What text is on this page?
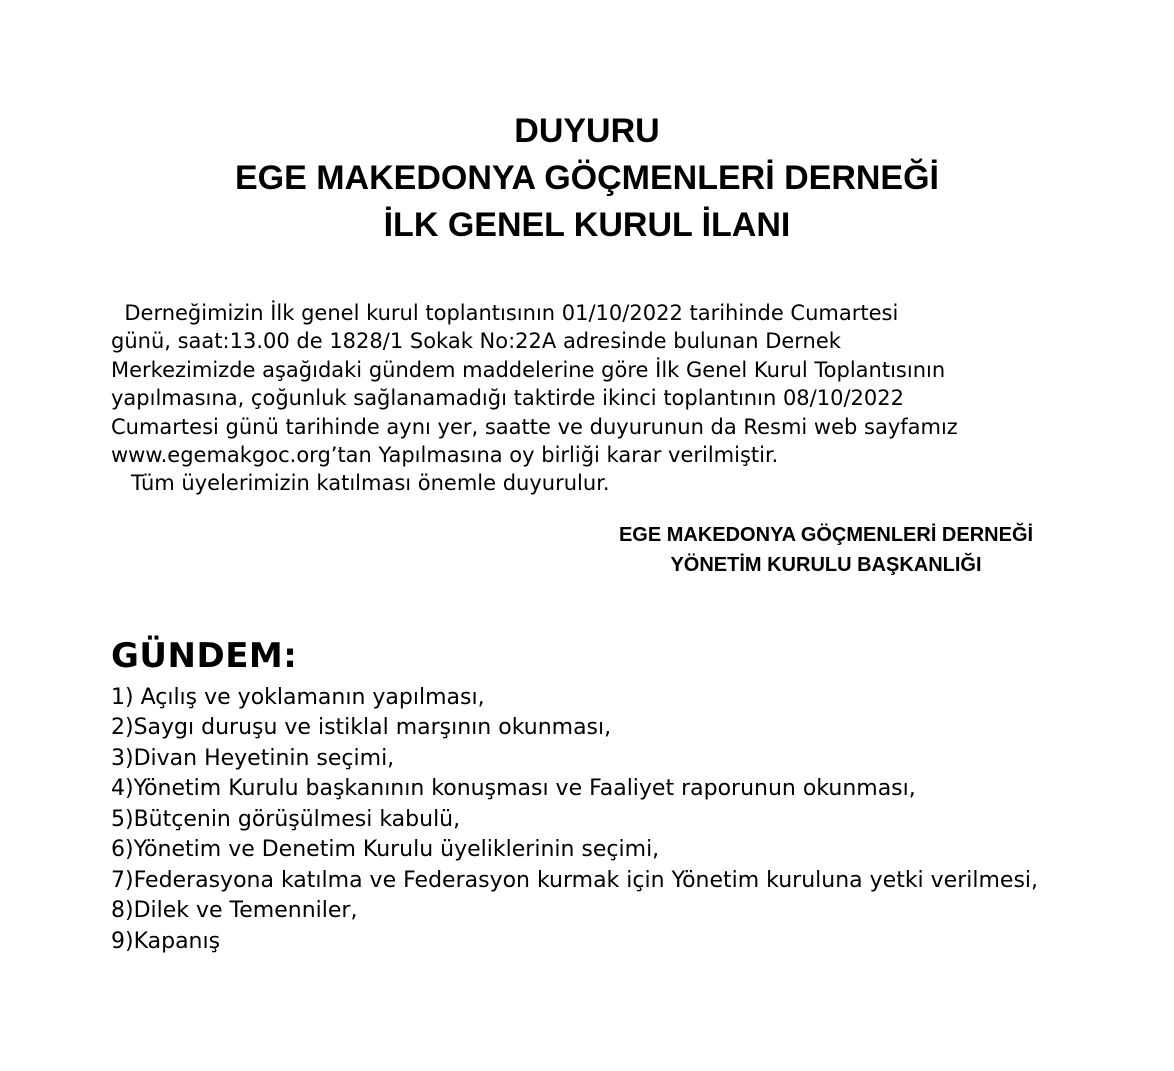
DUYURU
EGE MAKEDONYA GÖÇMENLERİ DERNEĞİ
İLK GENEL KURUL İLANI
Derneğimizin İlk genel kurul toplantısının 01/10/2022 tarihinde Cumartesi
günü, saat:13.00 de 1828/1 Sokak No:22A adresinde bulunan Dernek
Merkezimizde aşağıdaki gündem maddelerine göre İlk Genel Kurul Toplantısının
yapılmasına, çoğunluk sağlanamadığı taktirde ikinci toplantının 08/10/2022
Cumartesi günü tarihinde aynı yer, saatte ve duyurunun da Resmi web sayfamız
www.egemakgoc.org’tan Yapılmasına oy birliği karar verilmiştir.
Tüm üyelerimizin katılması önemle duyurulur.
EGE MAKEDONYA GÖÇMENLERİ DERNEĞİ
YÖNETİM KURULU BAŞKANLIĞI
GÜNDEM:
1) Açılış ve yoklamanın yapılması,
2)Saygı duruşu ve istiklal marşının okunması,
3)Divan Heyetinin seçimi,
4)Yönetim Kurulu başkanının konuşması ve Faaliyet raporunun okunması,
5)Bütçenin görüşülmesi kabulü,
6)Yönetim ve Denetim Kurulu üyeliklerinin seçimi,
7)Federasyona katılma ve Federasyon kurmak için Yönetim kuruluna yetki verilmesi,
8)Dilek ve Temenniler,
9)Kapanış
